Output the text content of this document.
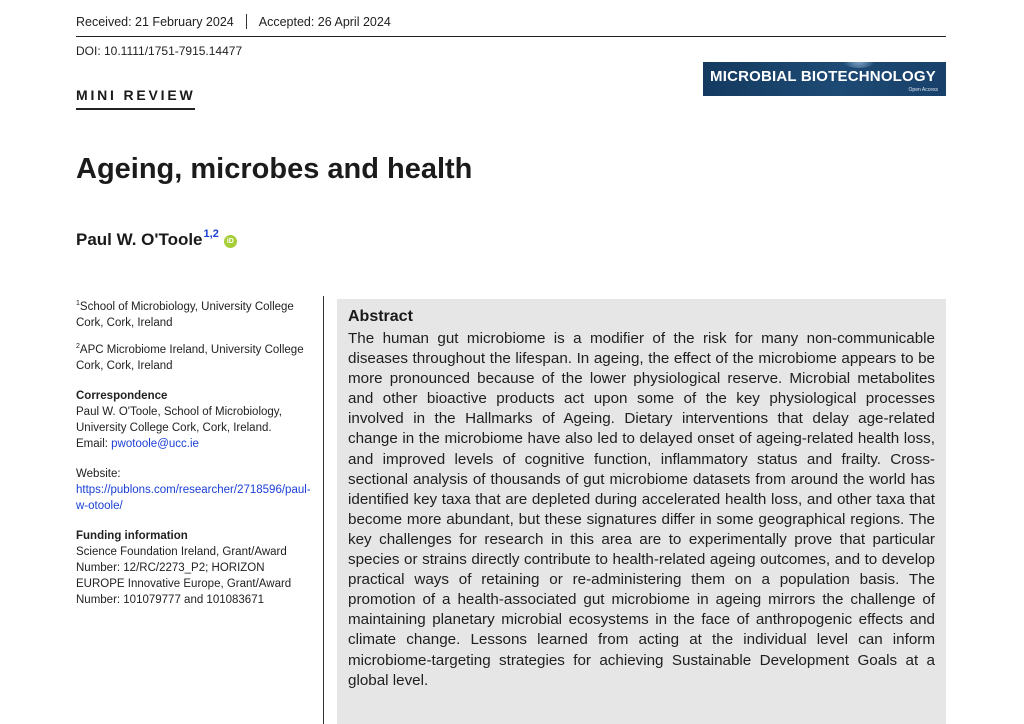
Received: 21 February 2024 Accepted: 26 April 2024
DOI: 10.1111/1751-7915.14477
MICROBIAL BIOTECHNOLOGY
Open Access
MINI REVIEW
Ageing, microbes and health
Paul W. O'Toole$^{1,2}$
iD

$^1$School of Microbiology, University College Cork, Cork, Ireland

$^2$APC Microbiome Ireland, University College Cork, Cork, Ireland

Correspondence

Paul W. O'Toole, School of Microbiology, University College Cork, Cork, Ireland.

Email: pwotoole@ucc.ie

Website: https://publons.com/researcher/2718596/paul-w-otoole/

Funding information

Science Foundation Ireland, Grant/Award Number: 12/RC/2273_P2; HORIZON EUROPE Innovative Europe, Grant/Award Number: 101079777 and 101083671

Abstract

The human gut microbiome is a modifier of the risk for many non-communicable diseases throughout the lifespan. In ageing, the effect of the microbiome appears to be more pronounced because of the lower physiological reserve. Microbial metabolites and other bioactive products act upon some of the key physiological processes involved in the Hallmarks of Ageing. Dietary interventions that delay age-related change in the microbiome have also led to delayed onset of ageing-related health loss, and improved levels of cognitive function, inflammatory status and frailty. Cross-sectional analysis of thousands of gut microbiome datasets from around the world has identified key taxa that are depleted during accelerated health loss, and other taxa that become more abundant, but these signatures differ in some geographical regions. The key challenges for research in this area are to experimentally prove that particular species or strains directly contribute to health-related ageing outcomes, and to develop practical ways of retaining or re-administering them on a population basis. The promotion of a health-associated gut microbiome in ageing mirrors the challenge of maintaining planetary microbial ecosystems in the face of anthropogenic effects and climate change. Lessons learned from acting at the individual level can inform microbiome-targeting strategies for achieving Sustainable Development Goals at a global level.
